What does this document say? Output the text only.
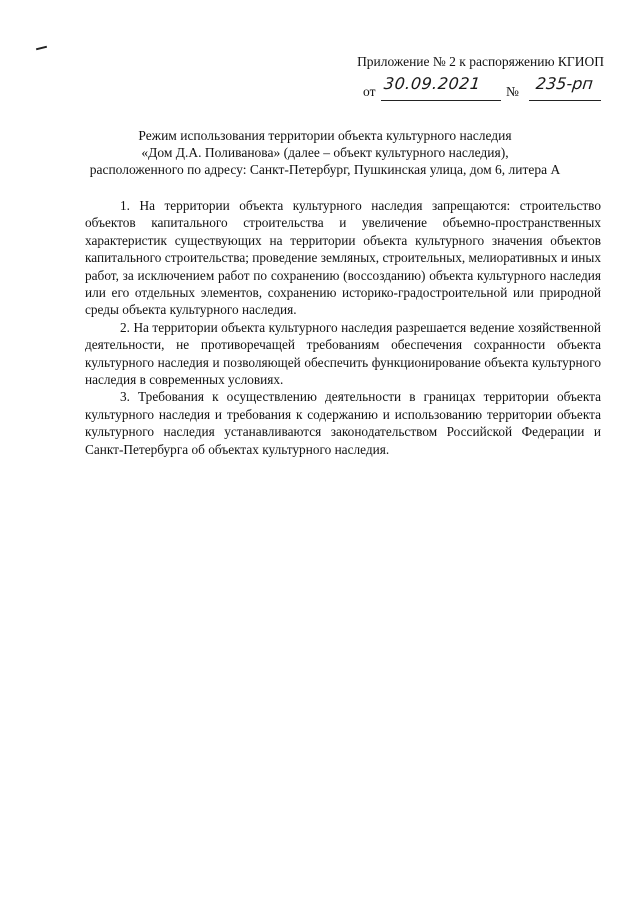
Приложение № 2 к распоряжению КГИОП
от 30.09.2021 № 235-рп
Режим использования территории объекта культурного наследия
«Дом Д.А. Поливанова» (далее – объект культурного наследия),
расположенного по адресу: Санкт-Петербург, Пушкинская улица, дом 6, литера А

1. На территории объекта культурного наследия запрещаются: строительство объектов капитального строительства и увеличение объемно-пространственных характеристик существующих на территории объекта культурного значения объектов капитального строительства; проведение земляных, строительных, мелиоративных и иных работ, за исключением работ по сохранению (воссозданию) объекта культурного наследия или его отдельных элементов, сохранению историко-градостроительной или природной среды объекта культурного наследия.

2. На территории объекта культурного наследия разрешается ведение хозяйственной деятельности, не противоречащей требованиям обеспечения сохранности объекта культурного наследия и позволяющей обеспечить функционирование объекта культурного наследия в современных условиях.

3. Требования к осуществлению деятельности в границах территории объекта культурного наследия и требования к содержанию и использованию территории объекта культурного наследия устанавливаются законодательством Российской Федерации и Санкт-Петербурга об объектах культурного наследия.
